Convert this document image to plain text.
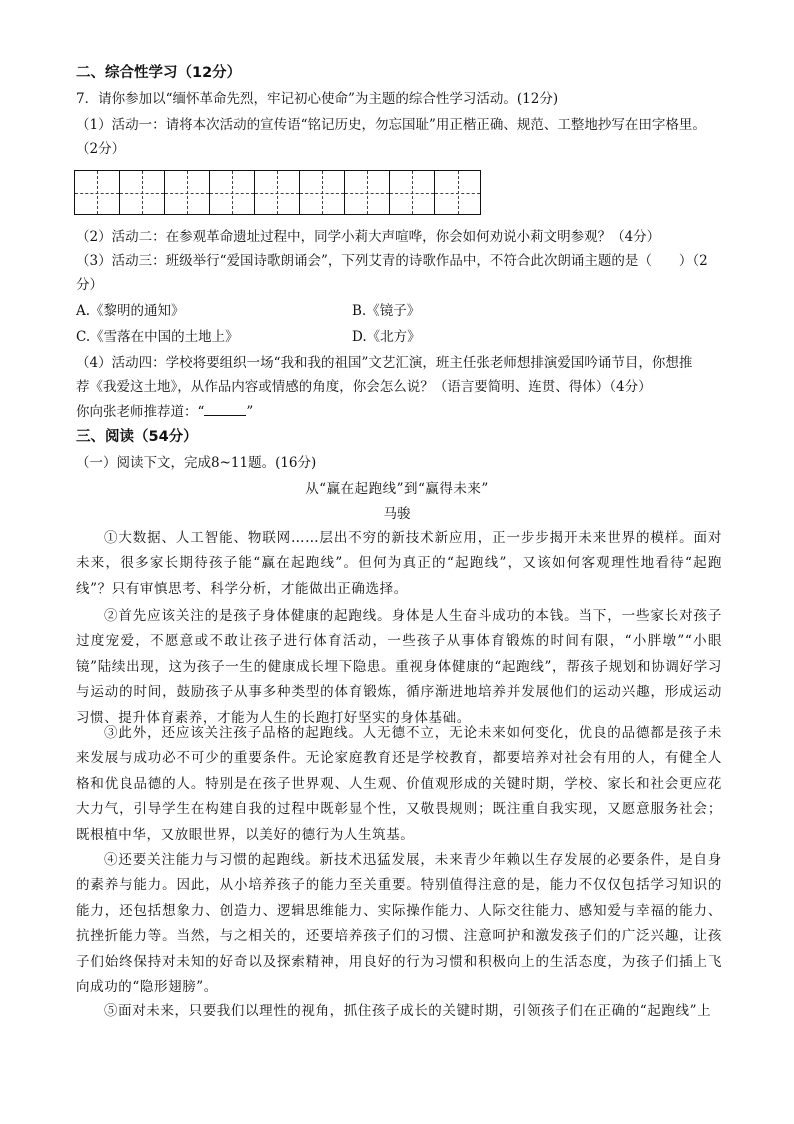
二、综合性学习（12分）
7．请你参加以“缅怀革命先烈，牢记初心使命”为主题的综合性学习活动。(12分)
（1）活动一：请将本次活动的宣传语“铭记历史，勿忘国耻”用正楷正确、规范、工整地抄写在田字格里。
（2分）
（2）活动二：在参观革命遗址过程中，同学小莉大声喧哗，你会如何劝说小莉文明参观？（4分）
（3）活动三：班级举行“爱国诗歌朗诵会”，下列艾青的诗歌作品中，不符合此次朗诵主题的是（　　）（2
分）
A.《黎明的通知》	B.《镜子》
C.《雪落在中国的土地上》	D.《北方》
（4）活动四：学校将要组织一场“我和我的祖国”文艺汇演，班主任张老师想排演爱国吟诵节目，你想推
荐《我爱这土地》，从作品内容或情感的角度，你会怎么说？（语言要简明、连贯、得体）（4分）
你向张老师推荐道：“	”
三、阅读（54分）
（一）阅读下文，完成8~11题。(16分)
从“赢在起跑线”到“赢得未来”
马骏
①大数据、人工智能、物联网……层出不穷的新技术新应用，正一步步揭开未来世界的模样。面对未来，很多家长期待孩子能“赢在起跑线”。但何为真正的“起跑线”，又该如何客观理性地看待“起跑线”？只有审慎思考、科学分析，才能做出正确选择。
②首先应该关注的是孩子身体健康的起跑线。身体是人生奋斗成功的本钱。当下，一些家长对孩子过度宠爱，不愿意或不敢让孩子进行体育活动，一些孩子从事体育锻炼的时间有限，“小胖墩”“小眼镜”陆续出现，这为孩子一生的健康成长埋下隐患。重视身体健康的“起跑线”，帮孩子规划和协调好学习与运动的时间，鼓励孩子从事多种类型的体育锻炼，循序渐进地培养并发展他们的运动兴趣，形成运动习惯、提升体育素养，才能为人生的长跑打好坚实的身体基础。
③此外，还应该关注孩子品格的起跑线。人无德不立，无论未来如何变化，优良的品德都是孩子未来发展与成功必不可少的重要条件。无论家庭教育还是学校教育，都要培养对社会有用的人，有健全人格和优良品德的人。特别是在孩子世界观、人生观、价值观形成的关键时期，学校、家长和社会更应花大力气，引导学生在构建自我的过程中既彰显个性，又敬畏规则；既注重自我实现，又愿意服务社会；既根植中华，又放眼世界，以美好的德行为人生筑基。
④还要关注能力与习惯的起跑线。新技术迅猛发展，未来青少年赖以生存发展的必要条件，是自身的素养与能力。因此，从小培养孩子的能力至关重要。特别值得注意的是，能力不仅仅包括学习知识的能力，还包括想象力、创造力、逻辑思维能力、实际操作能力、人际交往能力、感知爱与幸福的能力、抗挫折能力等。当然，与之相关的，还要培养孩子们的习惯、注意呵护和激发孩子们的广泛兴趣，让孩子们始终保持对未知的好奇以及探索精神，用良好的行为习惯和积极向上的生活态度，为孩子们插上飞向成功的“隐形翅膀”。
⑤面对未来，只要我们以理性的视角，抓住孩子成长的关键时期，引领孩子们在正确的“起跑线”上
